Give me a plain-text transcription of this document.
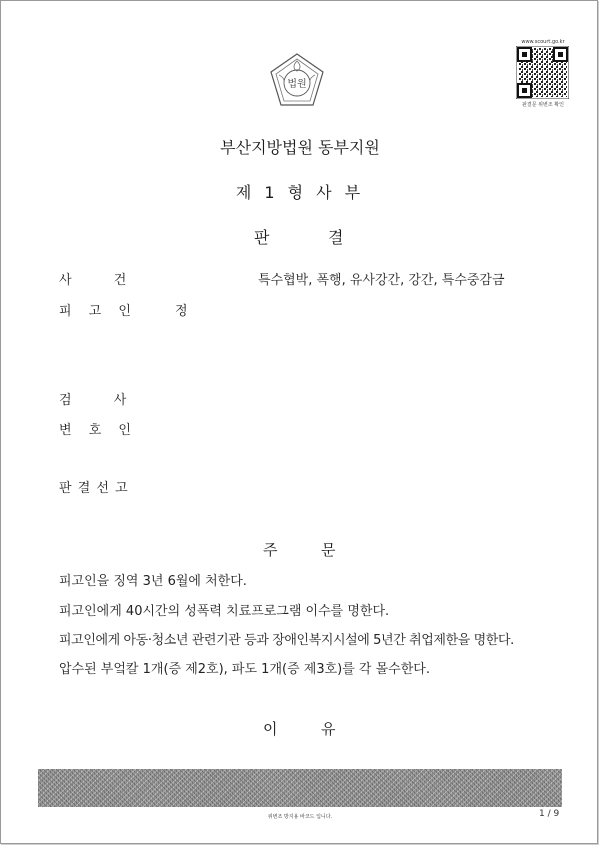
법원
www.scourt.go.kr
판결문 위변조 확인
부산지방법원 동부지원
제 1 형 사 부
판	결
사 건	특수협박, 폭행, 유사강간, 강간, 특수중감금
피 고 인	정
검 사
변 호 인
판 결 선 고
주	문
피고인을 징역 3년 6월에 처한다.
피고인에게 40시간의 성폭력 치료프로그램 이수를 명한다.
피고인에게 아동·청소년 관련기관 등과 장애인복지시설에 5년간 취업제한을 명한다.
압수된 부엌칼 1개(증 제2호), 파도 1개(증 제3호)를 각 몰수한다.
이	유
위변조 방지용 바코드 입니다.	1 / 9
